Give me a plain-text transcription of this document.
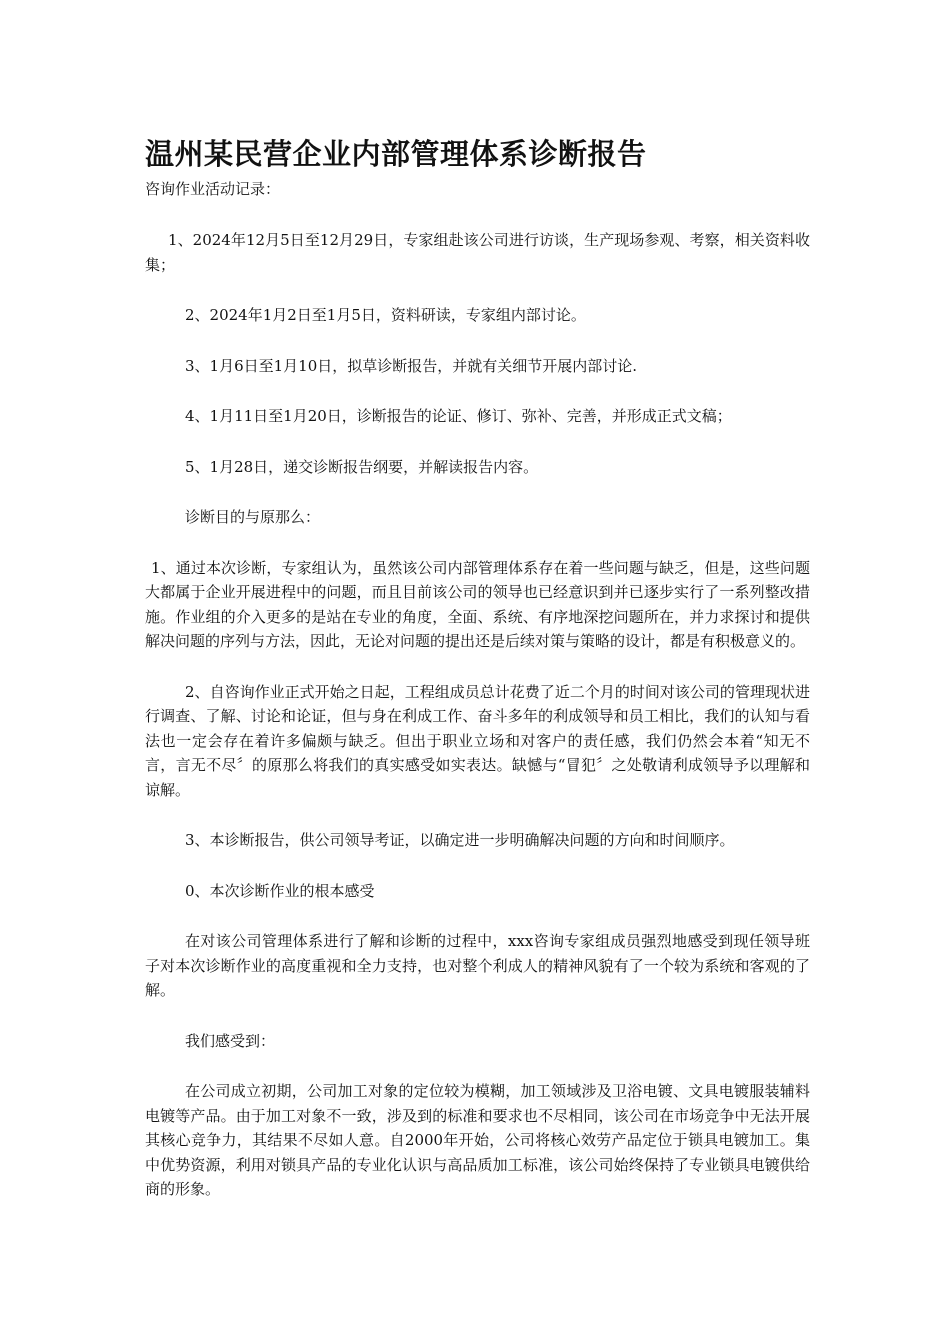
温州某民营企业内部管理体系诊断报告

咨询作业活动记录：

1、2024年12月5日至12月29日，专家组赴该公司进行访谈，生产现场参观、考察，相关资料收集；

2、2024年1月2日至1月5日，资料研读，专家组内部讨论。

3、1月6日至1月10日，拟草诊断报告，并就有关细节开展内部讨论.

4、1月11日至1月20日，诊断报告的论证、修订、弥补、完善，并形成正式文稿；

5、1月28日，递交诊断报告纲要，并解读报告内容。

诊断目的与原那么：

1、通过本次诊断，专家组认为，虽然该公司内部管理体系存在着一些问题与缺乏，但是，这些问题大都属于企业开展进程中的问题，而且目前该公司的领导也已经意识到并已逐步实行了一系列整改措施。作业组的介入更多的是站在专业的角度，全面、系统、有序地深挖问题所在，并力求探讨和提供解决问题的序列与方法，因此，无论对问题的提出还是后续对策与策略的设计，都是有积极意义的。

2、自咨询作业正式开始之日起，工程组成员总计花费了近二个月的时间对该公司的管理现状进行调查、了解、讨论和论证，但与身在利成工作、奋斗多年的利成领导和员工相比，我们的认知与看法也一定会存在着许多偏颇与缺乏。但出于职业立场和对客户的责任感，我们仍然会本着“知无不言，言无不尽〞的原那么将我们的真实感受如实表达。缺憾与“冒犯〞之处敬请利成领导予以理解和谅解。

3、本诊断报告，供公司领导考证，以确定进一步明确解决问题的方向和时间顺序。

0、本次诊断作业的根本感受

在对该公司管理体系进行了解和诊断的过程中，xxx咨询专家组成员强烈地感受到现任领导班子对本次诊断作业的高度重视和全力支持，也对整个利成人的精神风貌有了一个较为系统和客观的了解。

我们感受到：

在公司成立初期，公司加工对象的定位较为模糊，加工领域涉及卫浴电镀、文具电镀服装辅料电镀等产品。由于加工对象不一致，涉及到的标准和要求也不尽相同，该公司在市场竞争中无法开展其核心竞争力，其结果不尽如人意。自2000年开始，公司将核心效劳产品定位于锁具电镀加工。集中优势资源，利用对锁具产品的专业化认识与高品质加工标准，该公司始终保持了专业锁具电镀供给商的形象。
